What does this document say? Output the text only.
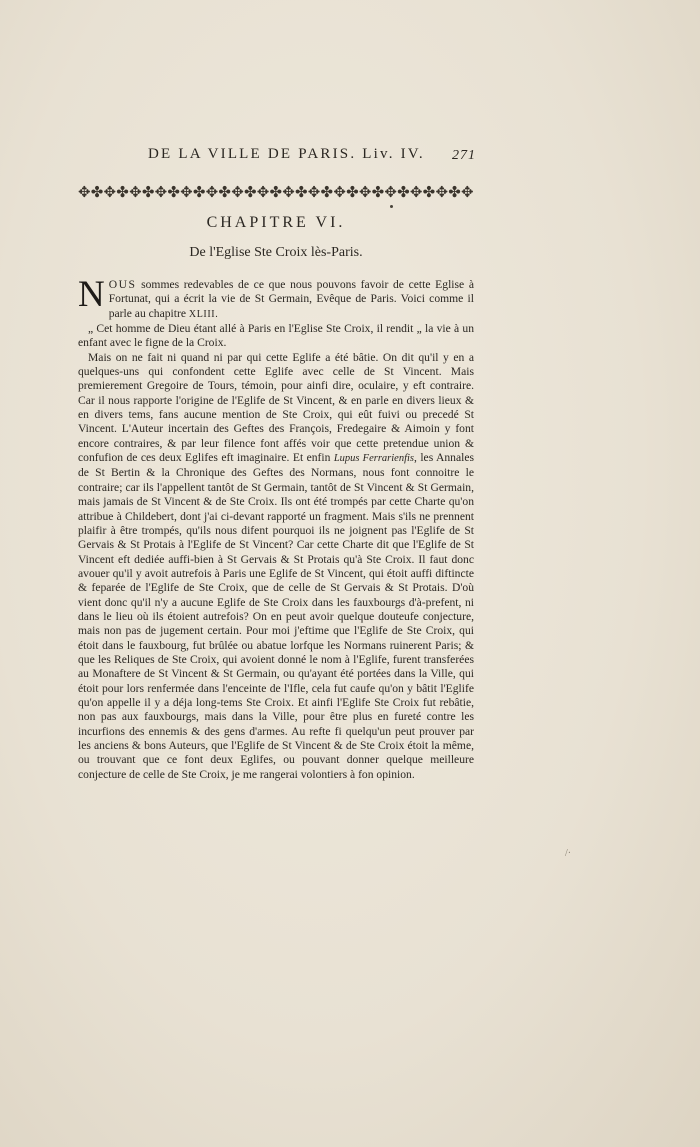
DE LA VILLE DE PARIS. Liv. IV.	271
✥ ✤ ✥ ✤ ✥ ✤ ✥ ✤ ✥ ✤ ✥ ✤ ✥ ✤ ✥ ✤ ✥ ✤ ✥ ✤ ✥ ✤ ✥ ✤ ✥ ✤ ✥ ✤ ✥ ✤ ✥
CHAPITRE VI.
De l'Eglise Ste Croix lès-Paris.

NOUS sommes redevables de ce que nous pouvons favoir de cette Eglise à Fortunat, qui a écrit la vie de St Germain, Evêque de Paris. Voici comme il parle au chapitre XLIII.

„ Cet homme de Dieu étant allé à Paris en l'Eglise Ste Croix, il rendit „ la vie à un enfant avec le figne de la Croix.

Mais on ne fait ni quand ni par qui cette Eglife a été bâtie. On dit qu'il y en a quelques-uns qui confondent cette Eglife avec celle de St Vincent. Mais premierement Gregoire de Tours, témoin, pour ainfi dire, oculaire, y eft contraire. Car il nous rapporte l'origine de l'Eglife de St Vincent, & en parle en divers lieux & en divers tems, fans aucune mention de Ste Croix, qui eût fuivi ou precedé St Vincent. L'Auteur incertain des Geftes des François, Fredegaire & Aimoin y font encore contraires, & par leur filence font affés voir que cette pretendue union & confufion de ces deux Eglifes eft imaginaire. Et enfin Lupus Ferrarienfis, les Annales de St Bertin & la Chronique des Geftes des Normans, nous font connoitre le contraire; car ils l'appellent tantôt de St Germain, tantôt de St Vincent & St Germain, mais jamais de St Vincent & de Ste Croix. Ils ont été trompés par cette Charte qu'on attribue à Childebert, dont j'ai ci-devant rapporté un fragment. Mais s'ils ne prennent plaifir à être trompés, qu'ils nous difent pourquoi ils ne joignent pas l'Eglife de St Gervais & St Protais à l'Eglife de St Vincent? Car cette Charte dit que l'Eglife de St Vincent eft dediée auffi-bien à St Gervais & St Protais qu'à Ste Croix. Il faut donc avouer qu'il y avoit autrefois à Paris une Eglife de St Vincent, qui étoit auffi diftincte & feparée de l'Eglife de Ste Croix, que de celle de St Gervais & St Protais. D'où vient donc qu'il n'y a aucune Eglife de Ste Croix dans les fauxbourgs d'à-prefent, ni dans le lieu où ils étoient autrefois? On en peut avoir quelque douteufe conjecture, mais non pas de jugement certain. Pour moi j'eftime que l'Eglife de Ste Croix, qui étoit dans le fauxbourg, fut brûlée ou abatue lorfque les Normans ruinerent Paris; & que les Reliques de Ste Croix, qui avoient donné le nom à l'Eglife, furent transferées au Monaftere de St Vincent & St Germain, ou qu'ayant été portées dans la Ville, qui étoit pour lors renfermée dans l'enceinte de l'Ifle, cela fut caufe qu'on y bâtit l'Eglife qu'on appelle il y a déja long-tems Ste Croix. Et ainfi l'Eglife Ste Croix fut rebâtie, non pas aux fauxbourgs, mais dans la Ville, pour être plus en fureté contre les incurfions des ennemis & des gens d'armes. Au refte fi quelqu'un peut prouver par les anciens & bons Auteurs, que l'Eglife de St Vincent & de Ste Croix étoit la même, ou trouvant que ce font deux Eglifes, ou pouvant donner quelque meilleure conjecture de celle de Ste Croix, je me rangerai volontiers à fon opinion.

/·
